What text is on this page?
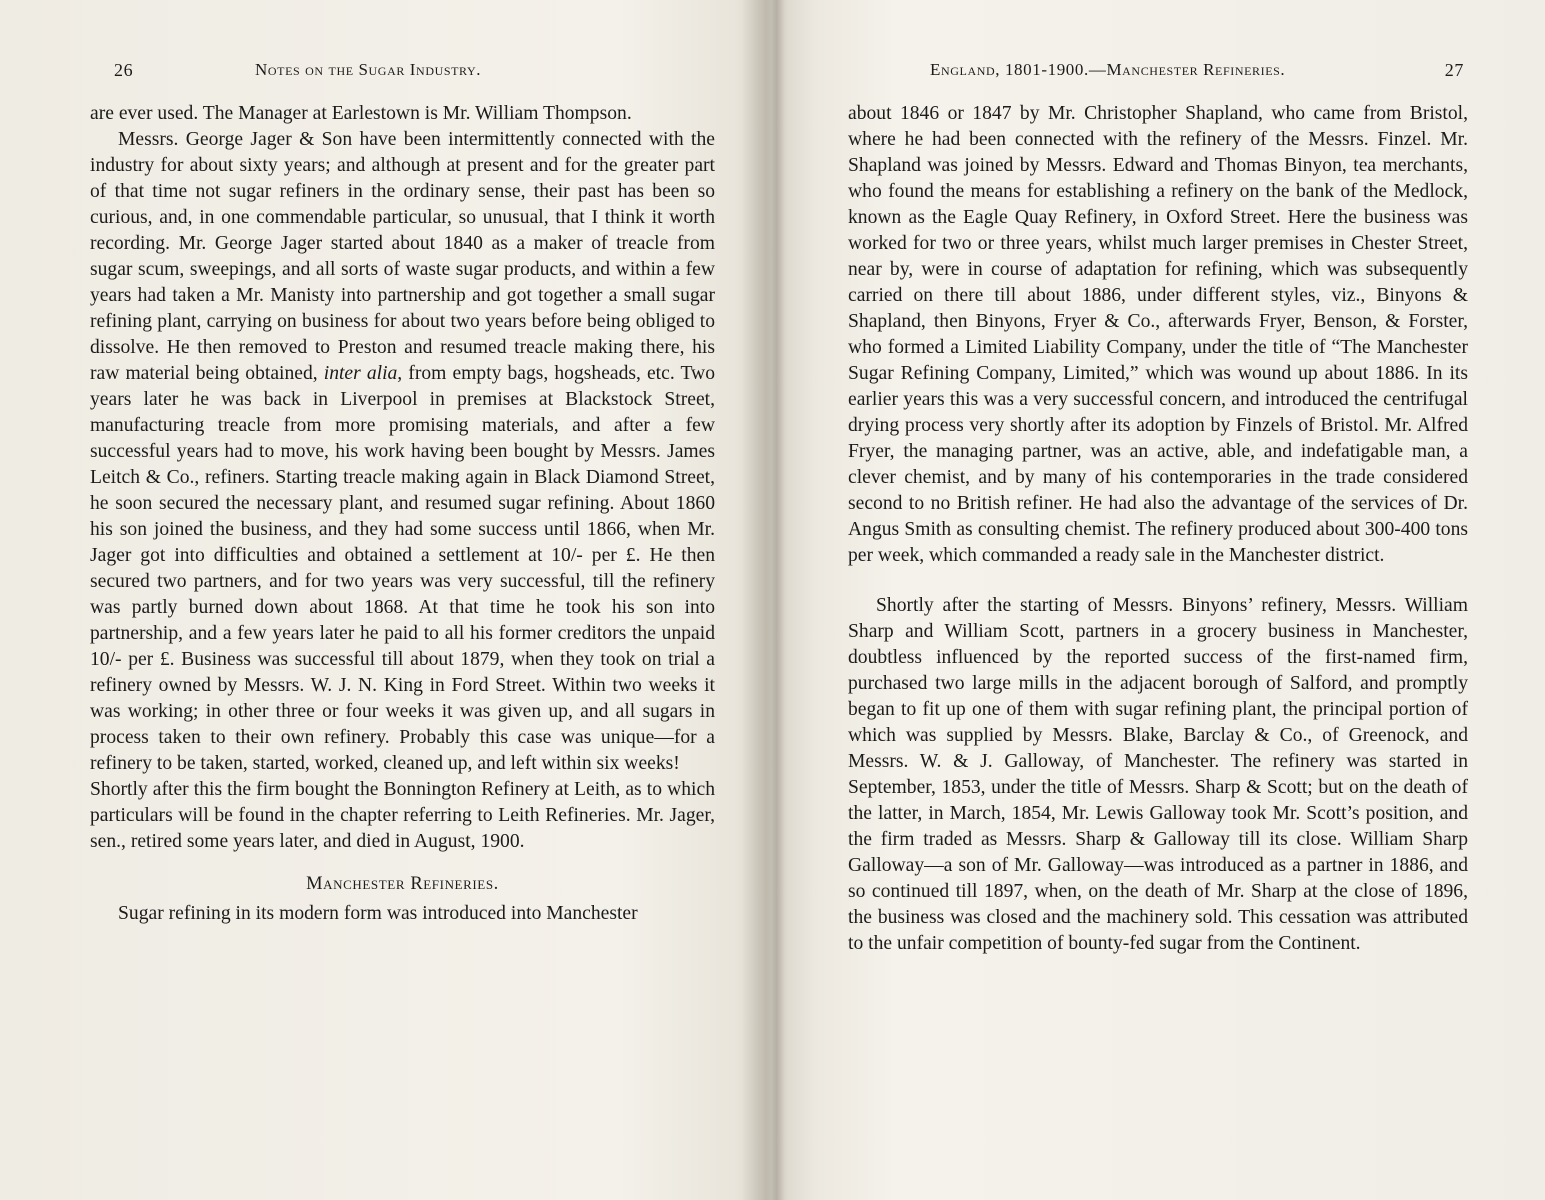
26	Notes on the Sugar Industry.

are ever used. The Manager at Earlestown is Mr. William Thompson.

Messrs. George Jager & Son have been intermittently connected with the industry for about sixty years; and although at present and for the greater part of that time not sugar refiners in the ordinary sense, their past has been so curious, and, in one commendable particular, so unusual, that I think it worth recording. Mr. George Jager started about 1840 as a maker of treacle from sugar scum, sweepings, and all sorts of waste sugar products, and within a few years had taken a Mr. Manisty into partnership and got together a small sugar refining plant, carrying on business for about two years before being obliged to dissolve. He then removed to Preston and resumed treacle making there, his raw material being obtained, inter alia, from empty bags, hogsheads, etc. Two years later he was back in Liverpool in premises at Blackstock Street, manufacturing treacle from more promising materials, and after a few successful years had to move, his work having been bought by Messrs. James Leitch & Co., refiners. Starting treacle making again in Black Diamond Street, he soon secured the necessary plant, and resumed sugar refining. About 1860 his son joined the business, and they had some success until 1866, when Mr. Jager got into difficulties and obtained a settlement at 10/- per £. He then secured two partners, and for two years was very successful, till the refinery was partly burned down about 1868. At that time he took his son into partnership, and a few years later he paid to all his former creditors the unpaid 10/- per £. Business was successful till about 1879, when they took on trial a refinery owned by Messrs. W. J. N. King in Ford Street. Within two weeks it was working; in other three or four weeks it was given up, and all sugars in process taken to their own refinery. Probably this case was unique—for a refinery to be taken, started, worked, cleaned up, and left within six weeks!

Shortly after this the firm bought the Bonnington Refinery at Leith, as to which particulars will be found in the chapter referring to Leith Refineries. Mr. Jager, sen., retired some years later, and died in August, 1900.

Manchester Refineries.

Sugar refining in its modern form was introduced into Manchester

England, 1801-1900.—Manchester Refineries.	27

about 1846 or 1847 by Mr. Christopher Shapland, who came from Bristol, where he had been connected with the refinery of the Messrs. Finzel. Mr. Shapland was joined by Messrs. Edward and Thomas Binyon, tea merchants, who found the means for establishing a refinery on the bank of the Medlock, known as the Eagle Quay Refinery, in Oxford Street. Here the business was worked for two or three years, whilst much larger premises in Chester Street, near by, were in course of adaptation for refining, which was subsequently carried on there till about 1886, under different styles, viz., Binyons & Shapland, then Binyons, Fryer & Co., afterwards Fryer, Benson, & Forster, who formed a Limited Liability Company, under the title of “The Manchester Sugar Refining Company, Limited,” which was wound up about 1886. In its earlier years this was a very successful concern, and introduced the centrifugal drying process very shortly after its adoption by Finzels of Bristol. Mr. Alfred Fryer, the managing partner, was an active, able, and indefatigable man, a clever chemist, and by many of his contemporaries in the trade considered second to no British refiner. He had also the advantage of the services of Dr. Angus Smith as consulting chemist. The refinery produced about 300-400 tons per week, which commanded a ready sale in the Manchester district.

Shortly after the starting of Messrs. Binyons’ refinery, Messrs. William Sharp and William Scott, partners in a grocery business in Manchester, doubtless influenced by the reported success of the first-named firm, purchased two large mills in the adjacent borough of Salford, and promptly began to fit up one of them with sugar refining plant, the principal portion of which was supplied by Messrs. Blake, Barclay & Co., of Greenock, and Messrs. W. & J. Galloway, of Manchester. The refinery was started in September, 1853, under the title of Messrs. Sharp & Scott; but on the death of the latter, in March, 1854, Mr. Lewis Galloway took Mr. Scott’s position, and the firm traded as Messrs. Sharp & Galloway till its close. William Sharp Galloway—a son of Mr. Galloway—was introduced as a partner in 1886, and so continued till 1897, when, on the death of Mr. Sharp at the close of 1896, the business was closed and the machinery sold. This cessation was attributed to the unfair competition of bounty-fed sugar from the Continent.
